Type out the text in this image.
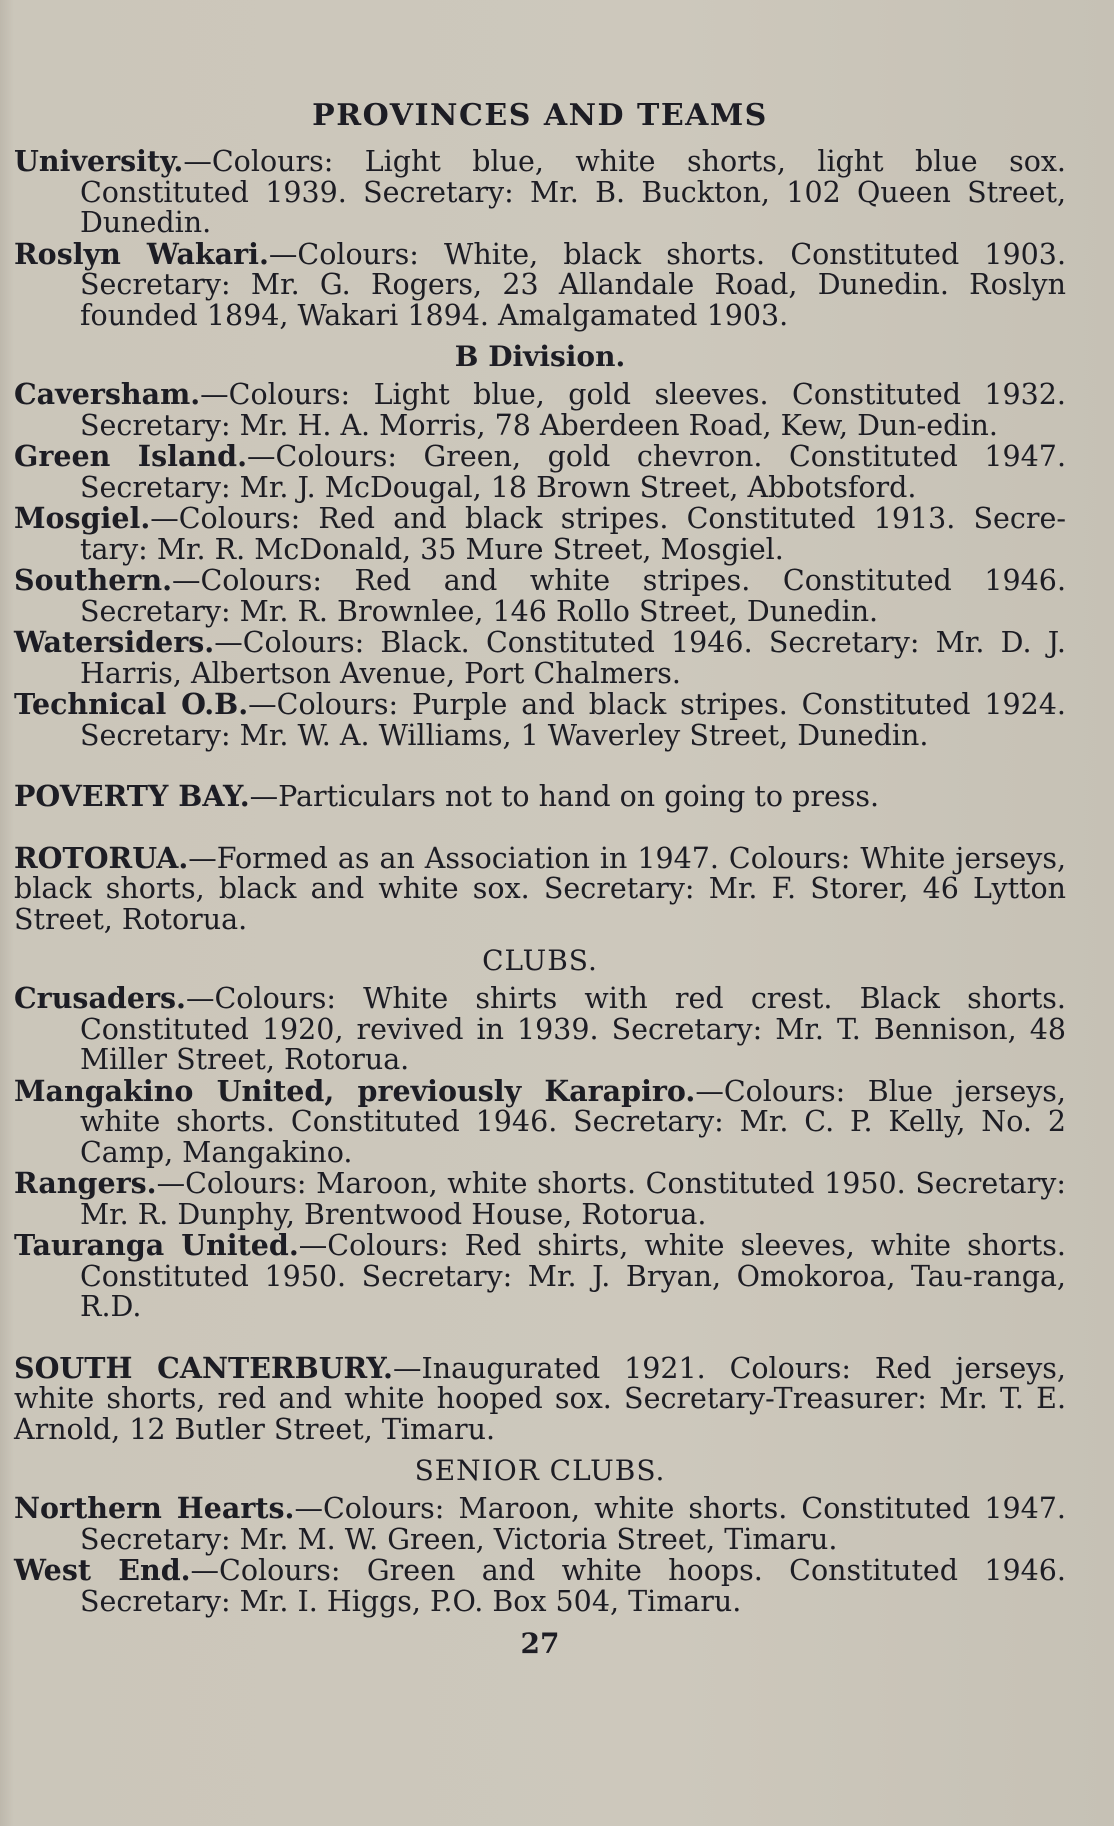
PROVINCES AND TEAMS

University.—Colours: Light blue, white shorts, light blue sox. Constituted 1939. Secretary: Mr. B. Buckton, 102 Queen Street, Dunedin.

Roslyn Wakari.—Colours: White, black shorts. Constituted 1903. Secretary: Mr. G. Rogers, 23 Allandale Road, Dunedin. Roslyn founded 1894, Wakari 1894. Amalgamated 1903.

B Division.

Caversham.—Colours: Light blue, gold sleeves. Constituted 1932. Secretary: Mr. H. A. Morris, 78 Aberdeen Road, Kew, Dun-edin.

Green Island.—Colours: Green, gold chevron. Constituted 1947. Secretary: Mr. J. McDougal, 18 Brown Street, Abbotsford.

Mosgiel.—Colours: Red and black stripes. Constituted 1913. Secre-tary: Mr. R. McDonald, 35 Mure Street, Mosgiel.

Southern.—Colours: Red and white stripes. Constituted 1946. Secretary: Mr. R. Brownlee, 146 Rollo Street, Dunedin.

Watersiders.—Colours: Black. Constituted 1946. Secretary: Mr. D. J. Harris, Albertson Avenue, Port Chalmers.

Technical O.B.—Colours: Purple and black stripes. Constituted 1924. Secretary: Mr. W. A. Williams, 1 Waverley Street, Dunedin.

POVERTY BAY.—Particulars not to hand on going to press.

ROTORUA.—Formed as an Association in 1947. Colours: White jerseys, black shorts, black and white sox. Secretary: Mr. F. Storer, 46 Lytton Street, Rotorua.

CLUBS.

Crusaders.—Colours: White shirts with red crest. Black shorts. Constituted 1920, revived in 1939. Secretary: Mr. T. Bennison, 48 Miller Street, Rotorua.

Mangakino United, previously Karapiro.—Colours: Blue jerseys, white shorts. Constituted 1946. Secretary: Mr. C. P. Kelly, No. 2 Camp, Mangakino.

Rangers.—Colours: Maroon, white shorts. Constituted 1950. Secretary: Mr. R. Dunphy, Brentwood House, Rotorua.

Tauranga United.—Colours: Red shirts, white sleeves, white shorts. Constituted 1950. Secretary: Mr. J. Bryan, Omokoroa, Tau-ranga, R.D.

SOUTH CANTERBURY.—Inaugurated 1921. Colours: Red jerseys, white shorts, red and white hooped sox. Secretary-Treasurer: Mr. T. E. Arnold, 12 Butler Street, Timaru.

SENIOR CLUBS.

Northern Hearts.—Colours: Maroon, white shorts. Constituted 1947. Secretary: Mr. M. W. Green, Victoria Street, Timaru.

West End.—Colours: Green and white hoops. Constituted 1946. Secretary: Mr. I. Higgs, P.O. Box 504, Timaru.

27
